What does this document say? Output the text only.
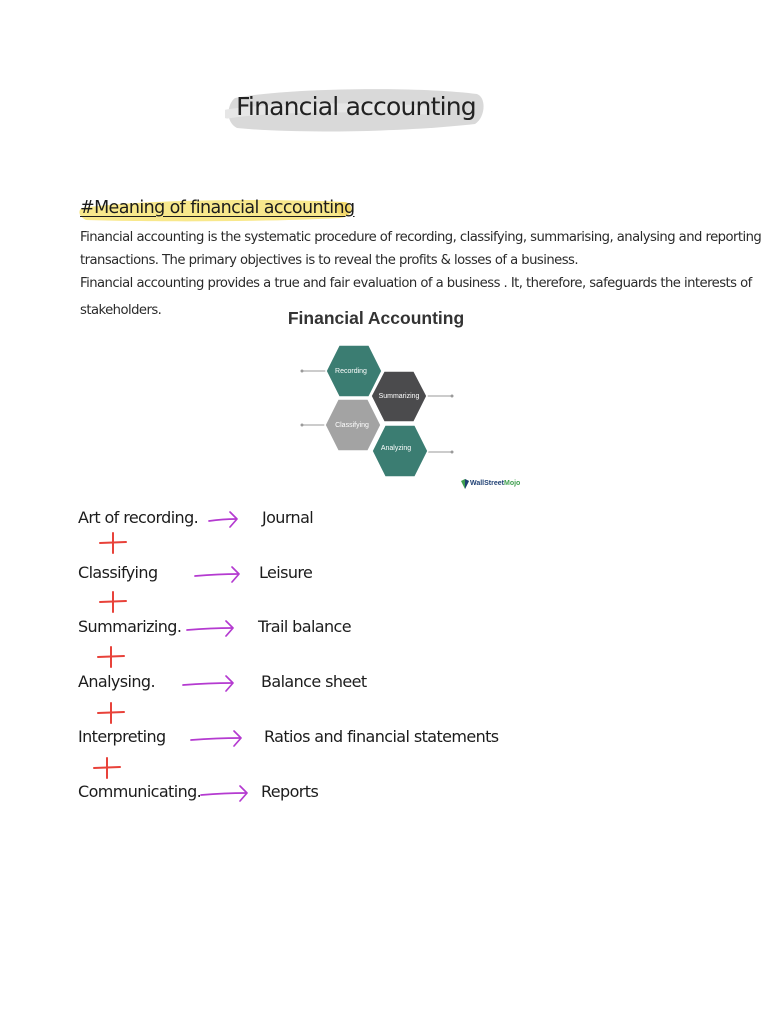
Financial accounting
#Meaning of financial accounting
Financial accounting is the systematic procedure of recording, classifying, summarising, analysing and reporting
transactions. The primary objectives is to reveal the profits & losses of a business.
Financial accounting provides a true and fair evaluation of a business . It, therefore, safeguards the interests of
stakeholders.	Financial Accounting
Recording
Summarizing
Classifying
Analyzing
WallStreetMojo
Art of recording.	Journal
Classifying	Leisure
Summarizing.	Trail balance
Analysing.	Balance sheet
Interpreting	Ratios and financial statements
Communicating.	Reports
